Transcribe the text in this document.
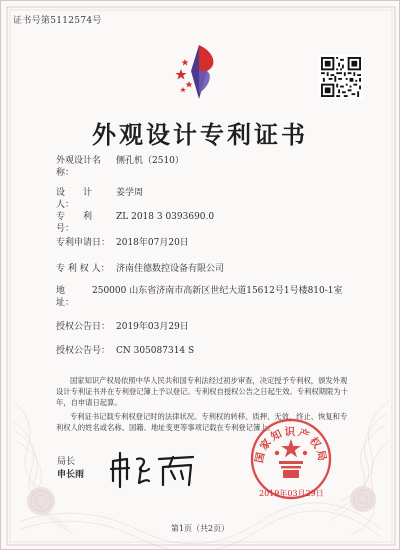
证书号第5112574号
外观设计专利证书
外观设计名称：
侧孔机（2510）
设　　计　人：
姜学周
专　　利　号：
ZL 2018 3 0393690.0
专利申请日： 2018年07月20日
专 利 权 人： 济南佳德数控设备有限公司
地　　　址：
250000 山东省济南市高新区世纪大道15612号1号楼810-1室
授权公告日： 2019年03月29日
授权公告号： CN 305087314 S

国家知识产权局依照中华人民共和国专利法经过初步审查，决定授予专利权，颁发外观设计专利证书并在专利登记簿上予以登记。专利权自授权公告之日起生效。专利权期限为十年，自申请日起算。

专利证书记载专利权登记时的法律状况。专利权的转移、质押、无效、终止、恢复和专利权人的姓名或名称、国籍、地址变更等事项记载在专利登记簿上。

局长
申长雨
国家知识产权局
2019年03月29日
第1页（共2页）
